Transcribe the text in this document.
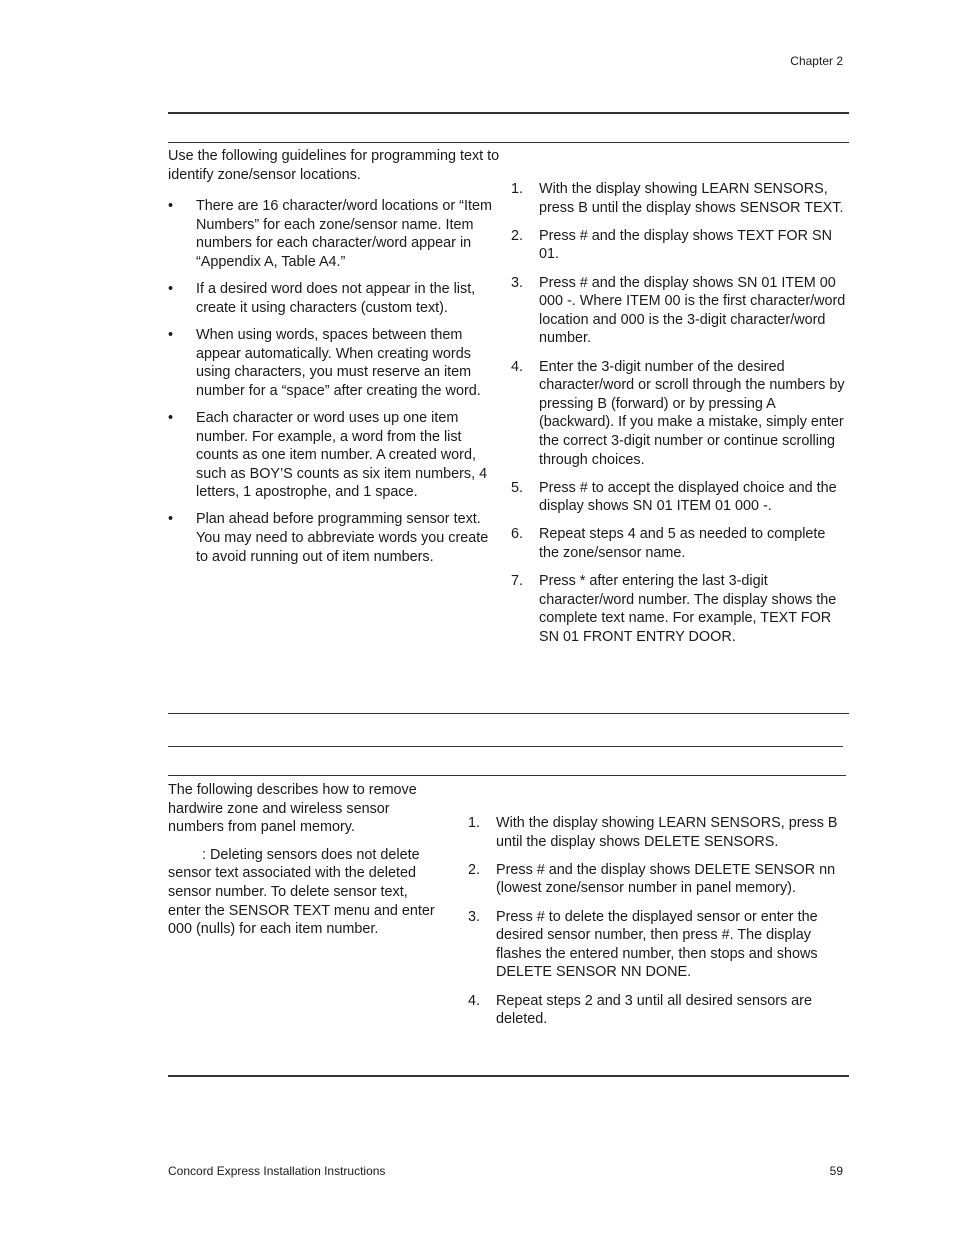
Chapter 2

Use the following guidelines for programming text to identify zone/sensor locations.

• There are 16 character/word locations or “Item Numbers” for each zone/sensor name. Item numbers for each character/word appear in “Appendix A, Table A4.”
• If a desired word does not appear in the list, create it using characters (custom text).
• When using words, spaces between them appear automatically. When creating words using characters, you must reserve an item number for a “space” after creating the word.
• Each character or word uses up one item number. For example, a word from the list counts as one item number. A created word, such as BOY’S counts as six item numbers, 4 letters, 1 apostrophe, and 1 space.
• Plan ahead before programming sensor text. You may need to abbreviate words you create to avoid running out of item numbers.
1. With the display showing LEARN SENSORS, press B until the display shows SENSOR TEXT.
2. Press # and the display shows TEXT FOR SN 01.
3. Press # and the display shows SN 01 ITEM 00 000 -. Where ITEM 00 is the first character/word location and 000 is the 3-digit character/word number.
4. Enter the 3-digit number of the desired character/word or scroll through the numbers by pressing B (forward) or by pressing A (backward). If you make a mistake, simply enter the correct 3-digit number or continue scrolling through choices.
5. Press # to accept the displayed choice and the display shows SN 01 ITEM 01 000 -.
6. Repeat steps 4 and 5 as needed to complete the zone/sensor name.
7. Press * after entering the last 3-digit character/word number. The display shows the complete text name. For example, TEXT FOR SN 01 FRONT ENTRY DOOR.

The following describes how to remove hardwire zone and wireless sensor numbers from panel memory.

: Deleting sensors does not delete sensor text associated with the deleted sensor number. To delete sensor text, enter the SENSOR TEXT menu and enter 000 (nulls) for each item number.

1. With the display showing LEARN SENSORS, press B until the display shows DELETE SENSORS.
2. Press # and the display shows DELETE SENSOR nn (lowest zone/sensor number in panel memory).
3. Press # to delete the displayed sensor or enter the desired sensor number, then press #. The display flashes the entered number, then stops and shows DELETE SENSOR NN DONE.
4. Repeat steps 2 and 3 until all desired sensors are deleted.
Concord Express Installation Instructions	59
